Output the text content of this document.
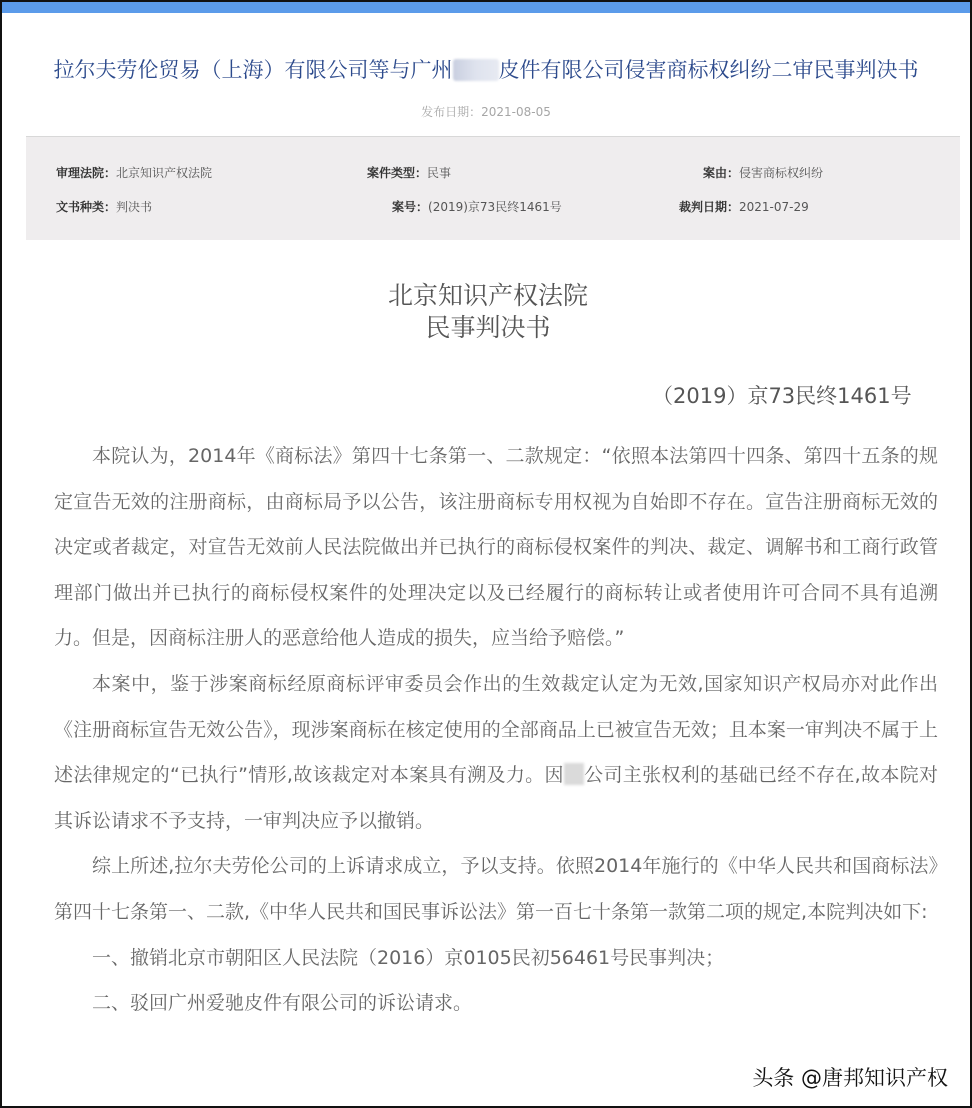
拉尔夫劳伦贸易（上海）有限公司等与广州 皮件有限公司侵害商标权纠纷二审民事判决书
发布日期：2021-08-05
审理法院：北京知识产权法院	案件类型：民事	案由：侵害商标权纠纷
文书种类：判决书	案号：(2019)京73民终1461号	裁判日期：2021-07-29
北京知识产权法院
民事判决书
（2019）京73民终1461号

本院认为，2014年《商标法》第四十七条第一、二款规定：“依照本法第四十四条、第四十五条的规定宣告无效的注册商标，由商标局予以公告，该注册商标专用权视为自始即不存在。宣告注册商标无效的决定或者裁定，对宣告无效前人民法院做出并已执行的商标侵权案件的判决、裁定、调解书和工商行政管理部门做出并已执行的商标侵权案件的处理决定以及已经履行的商标转让或者使用许可合同不具有追溯力。但是，因商标注册人的恶意给他人造成的损失，应当给予赔偿。”

本案中，鉴于涉案商标经原商标评审委员会作出的生效裁定认定为无效,国家知识产权局亦对此作出《注册商标宣告无效公告》，现涉案商标在核定使用的全部商品上已被宣告无效；且本案一审判决不属于上述法律规定的“已执行”情形,故该裁定对本案具有溯及力。因 公司主张权利的基础已经不存在,故本院对其诉讼请求不予支持，一审判决应予以撤销。

综上所述,拉尔夫劳伦公司的上诉请求成立，予以支持。依照2014年施行的《中华人民共和国商标法》第四十七条第一、二款,《中华人民共和国民事诉讼法》第一百七十条第一款第二项的规定,本院判决如下:

一、撤销北京市朝阳区人民法院（2016）京0105民初56461号民事判决；

二、驳回广州爱驰皮件有限公司的诉讼请求。

头条 @唐邦知识产权
